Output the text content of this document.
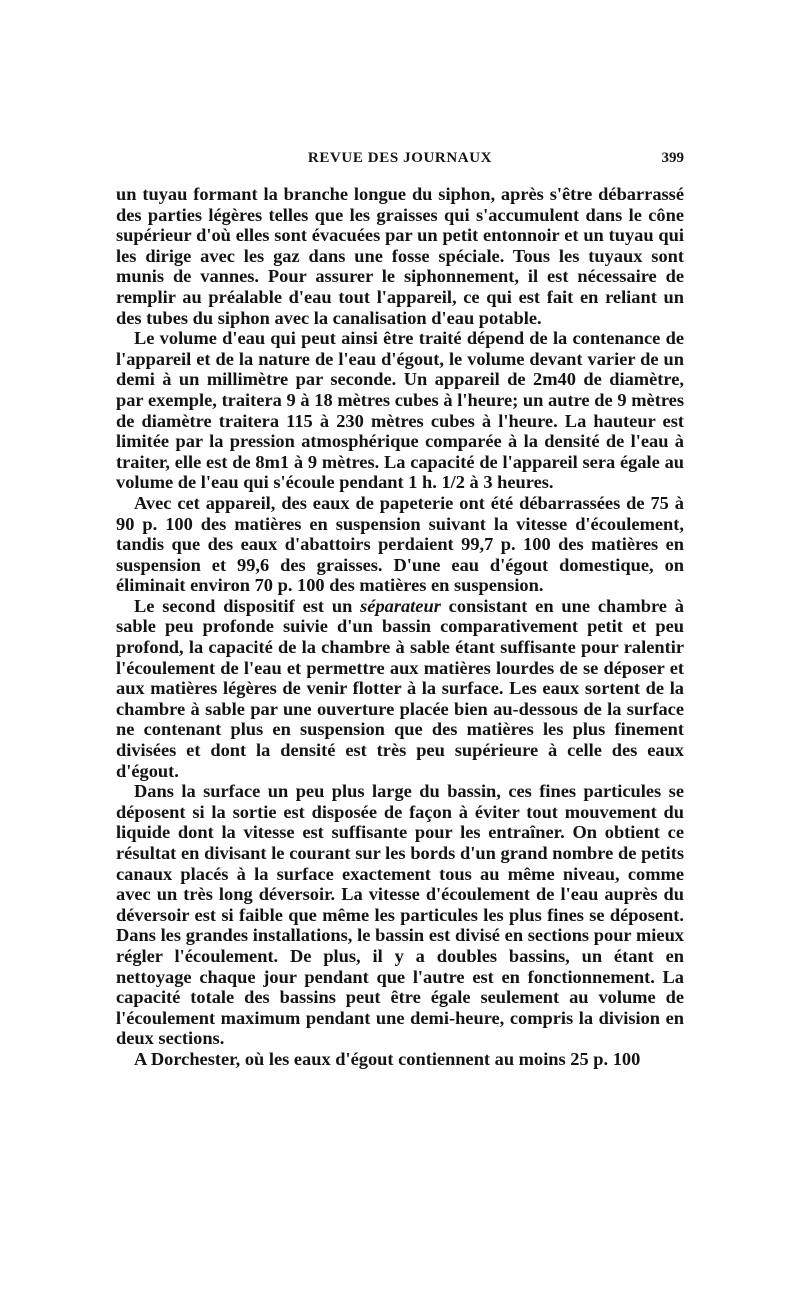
REVUE DES JOURNAUX	399

un tuyau formant la branche longue du siphon, après s'être débarrassé des parties légères telles que les graisses qui s'accumulent dans le cône supérieur d'où elles sont évacuées par un petit entonnoir et un tuyau qui les dirige avec les gaz dans une fosse spéciale. Tous les tuyaux sont munis de vannes. Pour assurer le siphonnement, il est nécessaire de remplir au préalable d'eau tout l'appareil, ce qui est fait en reliant un des tubes du siphon avec la canalisation d'eau potable.

Le volume d'eau qui peut ainsi être traité dépend de la contenance de l'appareil et de la nature de l'eau d'égout, le volume devant varier de un demi à un millimètre par seconde. Un appareil de 2m40 de diamètre, par exemple, traitera 9 à 18 mètres cubes à l'heure; un autre de 9 mètres de diamètre traitera 115 à 230 mètres cubes à l'heure. La hauteur est limitée par la pression atmosphérique comparée à la densité de l'eau à traiter, elle est de 8m1 à 9 mètres. La capacité de l'appareil sera égale au volume de l'eau qui s'écoule pendant 1 h. 1/2 à 3 heures.

Avec cet appareil, des eaux de papeterie ont été débarrassées de 75 à 90 p. 100 des matières en suspension suivant la vitesse d'écoulement, tandis que des eaux d'abattoirs perdaient 99,7 p. 100 des matières en suspension et 99,6 des graisses. D'une eau d'égout domestique, on éliminait environ 70 p. 100 des matières en suspension.

Le second dispositif est un séparateur consistant en une chambre à sable peu profonde suivie d'un bassin comparativement petit et peu profond, la capacité de la chambre à sable étant suffisante pour ralentir l'écoulement de l'eau et permettre aux matières lourdes de se déposer et aux matières légères de venir flotter à la surface. Les eaux sortent de la chambre à sable par une ouverture placée bien au-dessous de la surface ne contenant plus en suspension que des matières les plus finement divisées et dont la densité est très peu supérieure à celle des eaux d'égout.

Dans la surface un peu plus large du bassin, ces fines particules se déposent si la sortie est disposée de façon à éviter tout mouvement du liquide dont la vitesse est suffisante pour les entraîner. On obtient ce résultat en divisant le courant sur les bords d'un grand nombre de petits canaux placés à la surface exactement tous au même niveau, comme avec un très long déversoir. La vitesse d'écoulement de l'eau auprès du déversoir est si faible que même les particules les plus fines se déposent. Dans les grandes installations, le bassin est divisé en sections pour mieux régler l'écoulement. De plus, il y a doubles bassins, un étant en nettoyage chaque jour pendant que l'autre est en fonctionnement. La capacité totale des bassins peut être égale seulement au volume de l'écoulement maximum pendant une demi-heure, compris la division en deux sections.

A Dorchester, où les eaux d'égout contiennent au moins 25 p. 100
